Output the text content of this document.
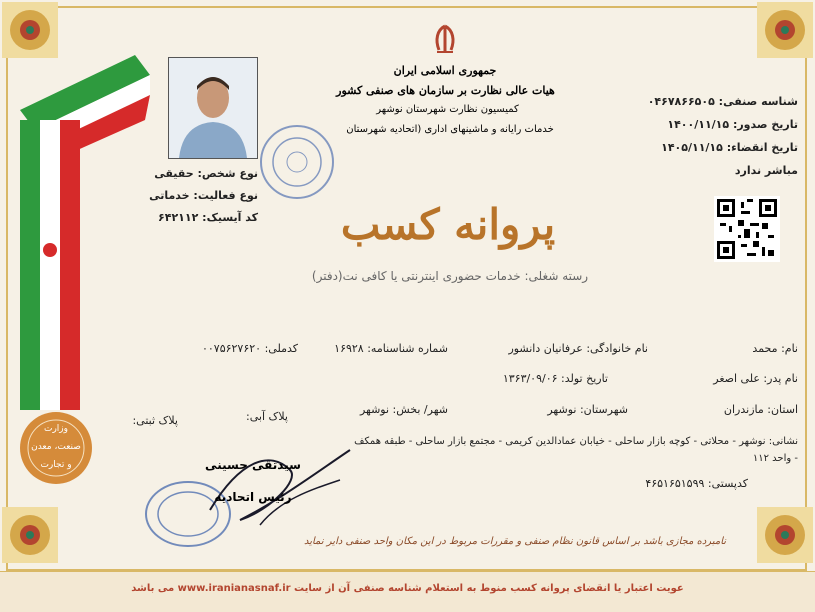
جمهوری اسلامی ایران
هیات عالی نظارت بر سازمان های صنفی کشور
کمیسیون نظارت شهرستان نوشهر
خدمات رایانه و ماشینهای اداری (اتحادیه شهرستان
نوع شخص: حقیقی
نوع فعالیت: خدماتی
کد آیسیک: ۶۴۲۱۱۲
شناسه صنفی: ۰۴۶۷۸۶۶۵۰۵
تاریخ صدور: ۱۴۰۰/۱۱/۱۵
تاریخ انقضاء: ۱۴۰۵/۱۱/۱۵
مباشر ندارد
پروانه کسب
رسته شغلی: خدمات حضوری اینترنتی یا کافی نت(دفتر)
نام: محمد
نام خانوادگی: عرفانیان دانشور
شماره شناسنامه: ۱۶۹۲۸
کدملی: ۰۰۷۵۶۲۷۶۲۰
نام پدر: علی اصغر
تاریخ تولد: ۱۳۶۳/۰۹/۰۶
استان: مازندران
شهرستان: نوشهر
شهر/ بخش: نوشهر
پلاک آبی:
پلاک ثبتی:
نشانی: نوشهر - محلاتی - کوچه بازار ساحلی - خیابان عمادالدین کریمی - مجتمع بازار ساحلی - طبقه همکف
- واحد ۱۱۲
کدپستی: ۴۶۵۱۶۵۱۵۹۹
وزارت
صنعت، معدن
و تجارت	سیدتقی حسینی
رئیس اتحادیه
نامبرده مجازی باشد بر اساس قانون نظام صنفی و مقررات مربوط در این مکان واحد صنفی دایر نماید
عویت اعتبار یا انقضای پروانه کسب منوط به استعلام شناسه صنفی آن از سایت www.iranianasnaf.ir می باشد
